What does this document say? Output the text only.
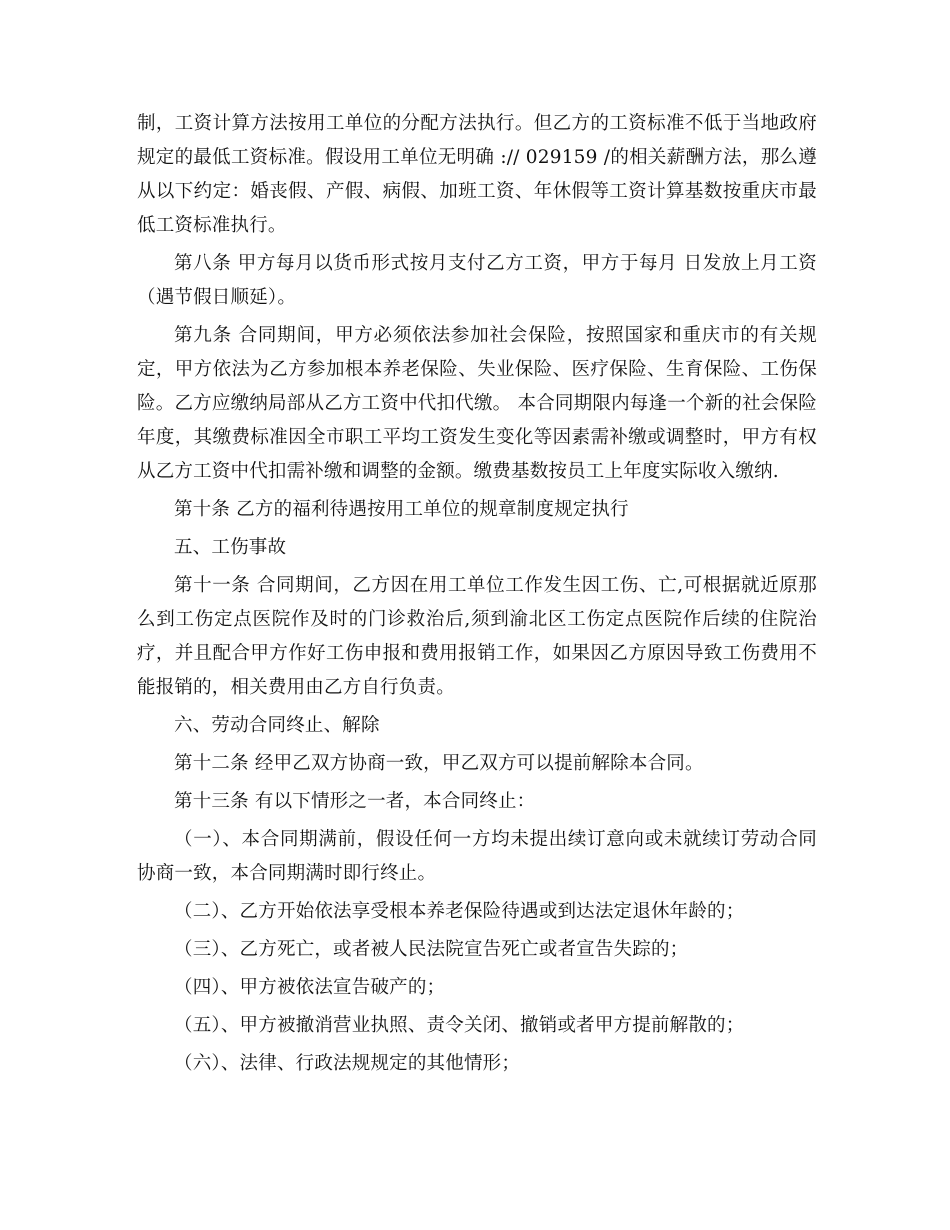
制，工资计算方法按用工单位的分配方法执行。但乙方的工资标准不低于当地政府规定的最低工资标准。假设用工单位无明确 :// 029159 /的相关薪酬方法，那么遵从以下约定：婚丧假、产假、病假、加班工资、年休假等工资计算基数按重庆市最低工资标准执行。

第八条 甲方每月以货币形式按月支付乙方工资，甲方于每月 日发放上月工资（遇节假日顺延）。

第九条 合同期间，甲方必须依法参加社会保险，按照国家和重庆市的有关规定，甲方依法为乙方参加根本养老保险、失业保险、医疗保险、生育保险、工伤保险。乙方应缴纳局部从乙方工资中代扣代缴。 本合同期限内每逢一个新的社会保险年度，其缴费标准因全市职工平均工资发生变化等因素需补缴或调整时，甲方有权从乙方工资中代扣需补缴和调整的金额。缴费基数按员工上年度实际收入缴纳.

第十条 乙方的福利待遇按用工单位的规章制度规定执行

五、工伤事故

第十一条 合同期间，乙方因在用工单位工作发生因工伤、亡,可根据就近原那么到工伤定点医院作及时的门诊救治后,须到渝北区工伤定点医院作后续的住院治疗，并且配合甲方作好工伤申报和费用报销工作，如果因乙方原因导致工伤费用不能报销的，相关费用由乙方自行负责。

六、劳动合同终止、解除

第十二条 经甲乙双方协商一致，甲乙双方可以提前解除本合同。

第十三条 有以下情形之一者，本合同终止：

（一）、本合同期满前，假设任何一方均未提出续订意向或未就续订劳动合同协商一致，本合同期满时即行终止。

（二）、乙方开始依法享受根本养老保险待遇或到达法定退休年龄的；

（三）、乙方死亡，或者被人民法院宣告死亡或者宣告失踪的；

（四）、甲方被依法宣告破产的；

（五）、甲方被撤消营业执照、责令关闭、撤销或者甲方提前解散的；

（六）、法律、行政法规规定的其他情形；
